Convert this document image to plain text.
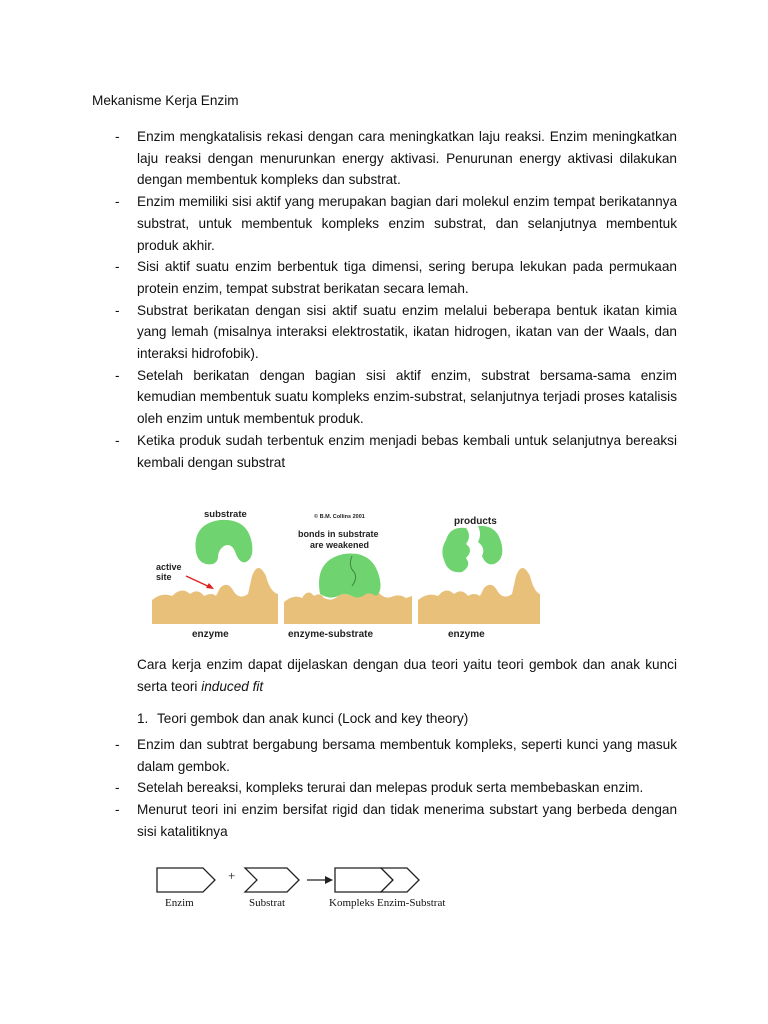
Mekanisme Kerja Enzim
- Enzim mengkatalisis rekasi dengan cara meningkatkan laju reaksi. Enzim meningkatkan laju reaksi dengan menurunkan energy aktivasi. Penurunan energy aktivasi dilakukan dengan membentuk kompleks dan substrat.
- Enzim memiliki sisi aktif yang merupakan bagian dari molekul enzim tempat berikatannya substrat, untuk membentuk kompleks enzim substrat, dan selanjutnya membentuk produk akhir.
- Sisi aktif suatu enzim berbentuk tiga dimensi, sering berupa lekukan pada permukaan protein enzim, tempat substrat berikatan secara lemah.
- Substrat berikatan dengan sisi aktif suatu enzim melalui beberapa bentuk ikatan kimia yang lemah (misalnya interaksi elektrostatik, ikatan hidrogen, ikatan van der Waals, dan interaksi hidrofobik).
- Setelah berikatan dengan bagian sisi aktif enzim, substrat bersama-sama enzim kemudian membentuk suatu kompleks enzim-substrat, selanjutnya terjadi proses katalisis oleh enzim untuk membentuk produk.
- Ketika produk sudah terbentuk enzim menjadi bebas kembali untuk selanjutnya bereaksi kembali dengan substrat
substrate
active
site
enzyme
© B.M. Collins 2001
bonds in substrate
are weakened
enzyme-substrate
products
enzyme
Cara kerja enzim dapat dijelaskan dengan dua teori yaitu teori gembok dan anak kunci serta teori induced fit
1. Teori gembok dan anak kunci (Lock and key theory)
- Enzim dan subtrat bergabung bersama membentuk kompleks, seperti kunci yang masuk dalam gembok.
- Setelah bereaksi, kompleks terurai dan melepas produk serta membebaskan enzim.
- Menurut teori ini enzim bersifat rigid dan tidak menerima substart yang berbeda dengan sisi katalitiknya
Enzim
+
Substrat	Kompleks Enzim-Substrat
